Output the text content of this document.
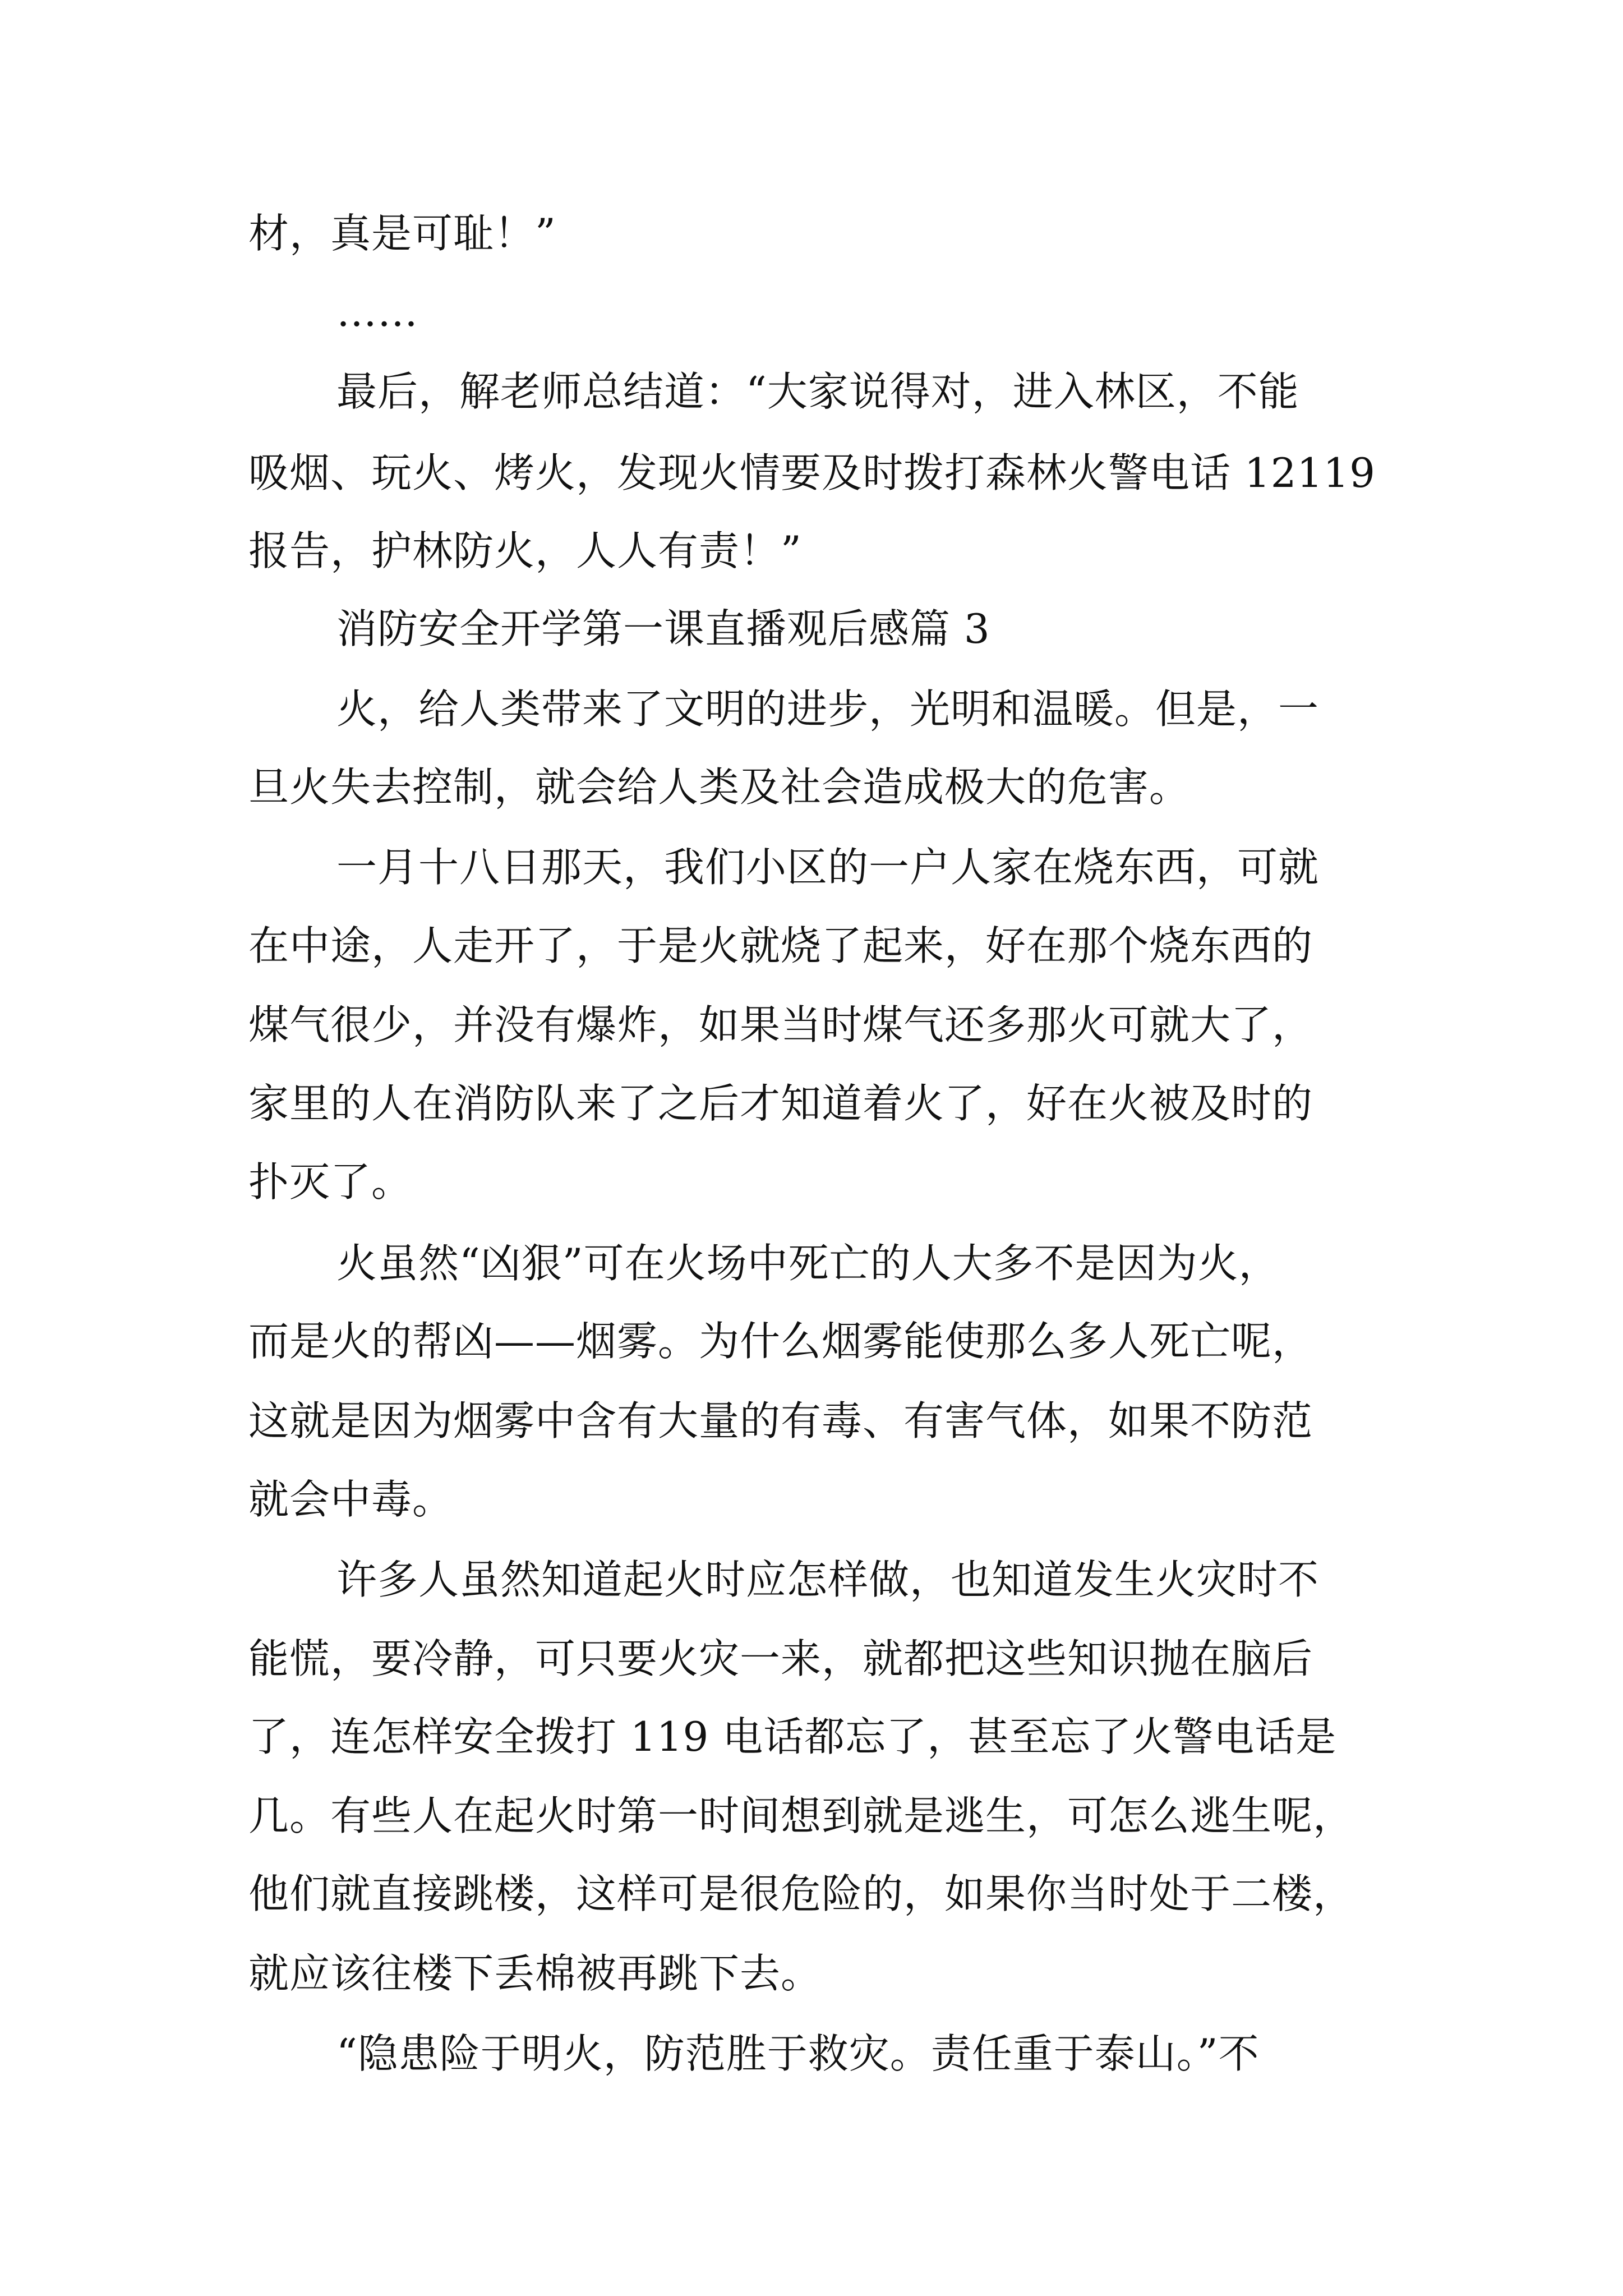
材，真是可耻！”
……
最后，解老师总结道：“大家说得对，进入林区，不能
吸烟、玩火、烤火，发现火情要及时拨打森林火警电话 12119
报告，护林防火，人人有责！”
消防安全开学第一课直播观后感篇 3
火，给人类带来了文明的进步，光明和温暖。但是，一
旦火失去控制，就会给人类及社会造成极大的危害。
一月十八日那天，我们小区的一户人家在烧东西，可就
在中途，人走开了，于是火就烧了起来，好在那个烧东西的
煤气很少，并没有爆炸，如果当时煤气还多那火可就大了，
家里的人在消防队来了之后才知道着火了，好在火被及时的
扑灭了。
火虽然“凶狠”可在火场中死亡的人大多不是因为火，
而是火的帮凶——烟雾。为什么烟雾能使那么多人死亡呢，
这就是因为烟雾中含有大量的有毒、有害气体，如果不防范
就会中毒。
许多人虽然知道起火时应怎样做，也知道发生火灾时不
能慌，要冷静，可只要火灾一来，就都把这些知识抛在脑后
了，连怎样安全拨打 119 电话都忘了，甚至忘了火警电话是
几。有些人在起火时第一时间想到就是逃生，可怎么逃生呢，
他们就直接跳楼，这样可是很危险的，如果你当时处于二楼，
就应该往楼下丢棉被再跳下去。
“隐患险于明火，防范胜于救灾。责任重于泰山。”不
